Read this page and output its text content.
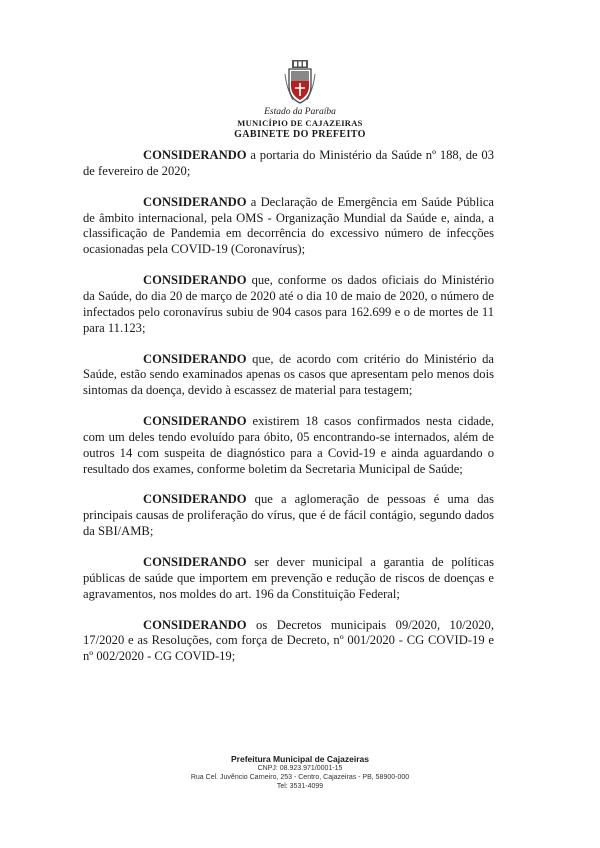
Estado da Paraíba
MUNICÍPIO DE CAJAZEIRAS
GABINETE DO PREFEITO

CONSIDERANDO a portaria do Ministério da Saúde nº 188, de 03 de fevereiro de 2020;

CONSIDERANDO a Declaração de Emergência em Saúde Pública de âmbito internacional, pela OMS - Organização Mundial da Saúde e, ainda, a classificação de Pandemia em decorrência do excessivo número de infecções ocasionadas pela COVID-19 (Coronavírus);

CONSIDERANDO que, conforme os dados oficiais do Ministério da Saúde, do dia 20 de março de 2020 até o dia 10 de maio de 2020, o número de infectados pelo coronavírus subiu de 904 casos para 162.699 e o de mortes de 11 para 11.123;

CONSIDERANDO que, de acordo com critério do Ministério da Saúde, estão sendo examinados apenas os casos que apresentam pelo menos dois sintomas da doença, devido à escassez de material para testagem;

CONSIDERANDO existirem 18 casos confirmados nesta cidade, com um deles tendo evoluído para óbito, 05 encontrando-se internados, além de outros 14 com suspeita de diagnóstico para a Covid-19 e ainda aguardando o resultado dos exames, conforme boletim da Secretaria Municipal de Saúde;

CONSIDERANDO que a aglomeração de pessoas é uma das principais causas de proliferação do vírus, que é de fácil contágio, segundo dados da SBI/AMB;

CONSIDERANDO ser dever municipal a garantia de políticas públicas de saúde que importem em prevenção e redução de riscos de doenças e agravamentos, nos moldes do art. 196 da Constituição Federal;

CONSIDERANDO os Decretos municipais 09/2020, 10/2020, 17/2020 e as Resoluções, com força de Decreto, nº 001/2020 - CG COVID-19 e nº 002/2020 - CG COVID-19;

Prefeitura Municipal de Cajazeiras
CNPJ: 08.923.971/0001-15
Rua Cel. Juvêncio Carneiro, 253 - Centro, Cajazeiras - PB, 58900-000
Tel: 3531-4099
